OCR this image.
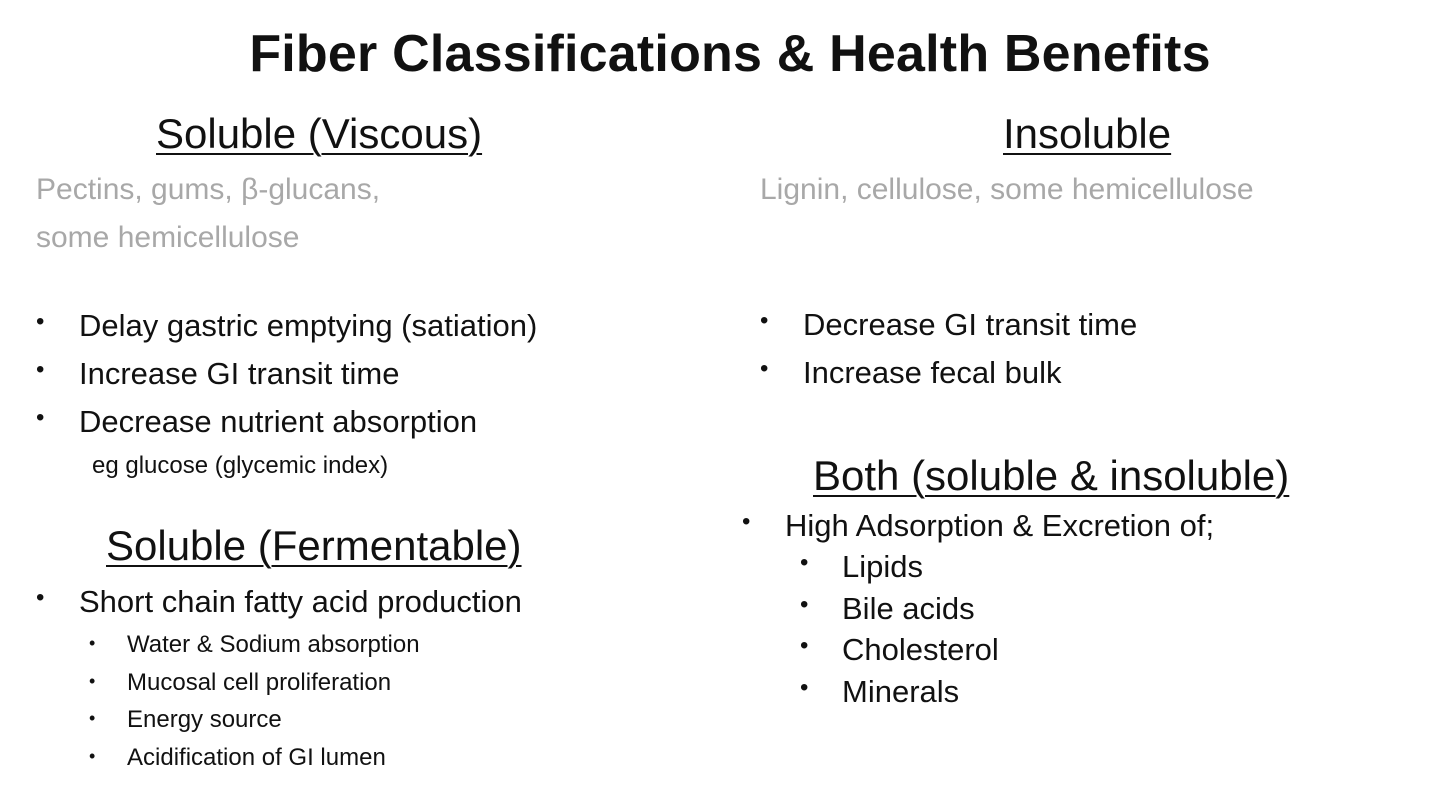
Fiber Classifications & Health Benefits
Soluble (Viscous)
Pectins, gums, β-glucans,
some hemicellulose
• Delay gastric emptying (satiation)
• Increase GI transit time
• Decrease nutrient absorption
eg glucose (glycemic index)
Soluble (Fermentable)
• Short chain fatty acid production
• Water & Sodium absorption
• Mucosal cell proliferation
• Energy source
• Acidification of GI lumen
Insoluble
Lignin, cellulose, some hemicellulose
• Decrease GI transit time
• Increase fecal bulk
Both (soluble & insoluble)
• High Adsorption & Excretion of;
• Lipids
• Bile acids
• Cholesterol
• Minerals
